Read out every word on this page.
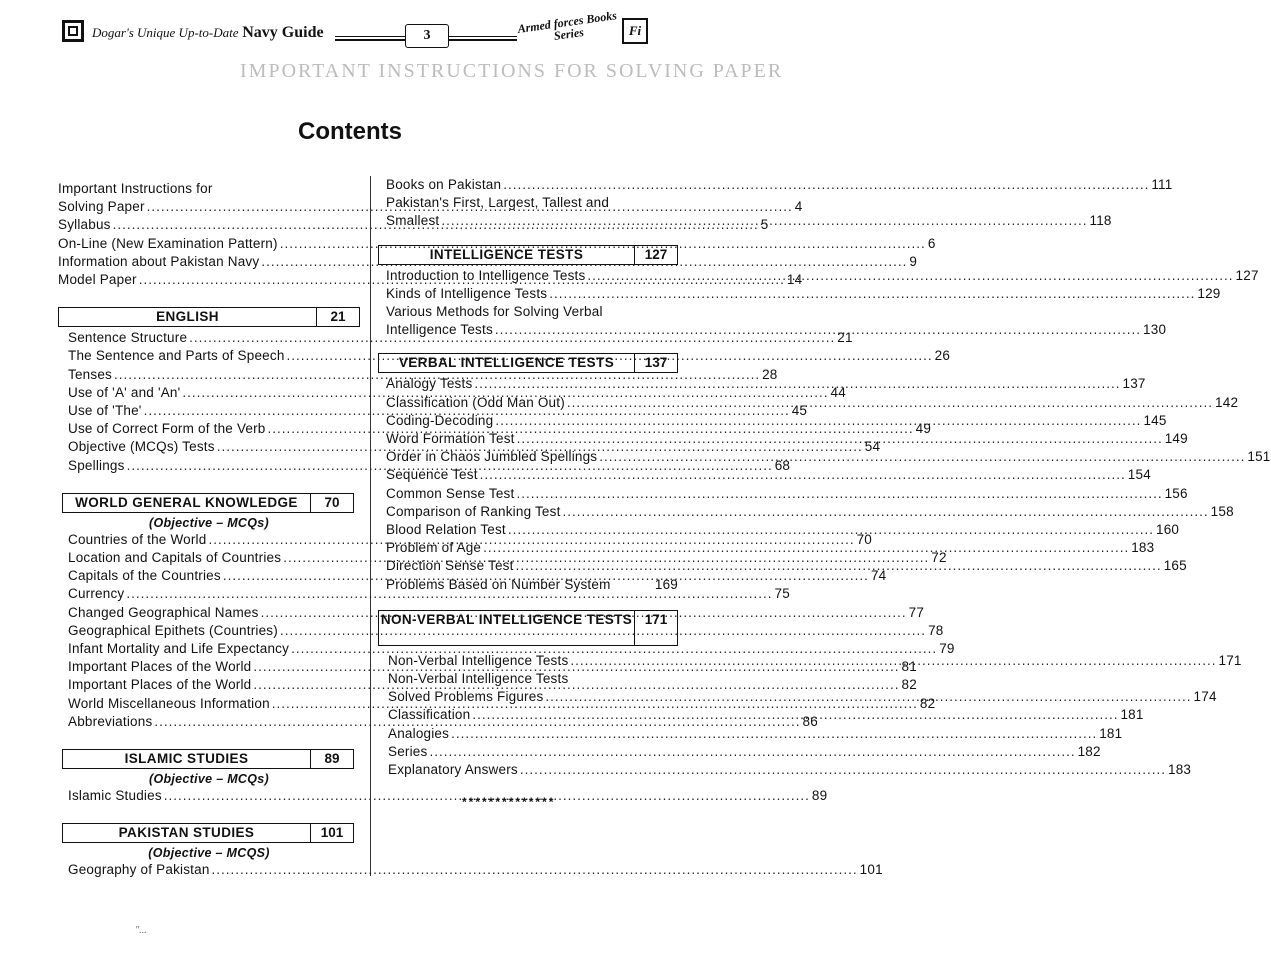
Dogar's Unique Up-to-Date Navy Guide	3	Armed forces Books Series	Fi
IMPORTANT INSTRUCTIONS FOR SOLVING PAPER
Contents
Important Instructions for
Solving Paper .....	4
Syllabus .....	5
On-Line (New Examination Pattern) .....	6
Information about Pakistan Navy .....	9
Model Paper .....	14
ENGLISH	21
Sentence Structure .....	21
The Sentence and Parts of Speech .....	26
Tenses .....	28
Use of 'A' and 'An' .....	44
Use of 'The' .....	45
Use of Correct Form of the Verb .....	49
Objective (MCQs) Tests .....	54
Spellings .....	68
WORLD GENERAL KNOWLEDGE	70
(Objective – MCQs)
Countries of the World .....	70
Location and Capitals of Countries .....	72
Capitals of the Countries .....	74
Currency .....	75
Changed Geographical Names .....	77
Geographical Epithets (Countries) .....	78
Infant Mortality and Life Expectancy .....	79
Important Places of the World .....	81
Important Places of the World .....	82
World Miscellaneous Information .....	82
Abbreviations .....	86
ISLAMIC STUDIES	89
(Objective – MCQs)
Islamic Studies .....	89
PAKISTAN STUDIES	101
(Objective – MCQS)
Geography of Pakistan .....	101
Books on Pakistan .....	111
Pakistan's First, Largest, Tallest and
Smallest .....	118
INTELLIGENCE TESTS	127
Introduction to Intelligence Tests .....	127
Kinds of Intelligence Tests .....	129
Various Methods for Solving Verbal
Intelligence Tests .....	130
VERBAL INTELLIGENCE TESTS	137
Analogy Tests .....	137
Classification (Odd Man Out) .....	142
Coding-Decoding .....	145
Word Formation Test .....	149
Order in Chaos Jumbled Spellings .....	151
Sequence Test .....	154
Common Sense Test .....	156
Comparison of Ranking Test .....	158
Blood Relation Test .....	160
Problem of Age .....	183
Direction Sense Test .....	165
Problems Based on Number System	169
NON-VERBAL INTELLIGENCE TESTS 171
Non-Verbal Intelligence Tests .....	171
Non-Verbal Intelligence Tests
Solved Problems Figures .....	174
Classification .....	181
Analogies .....	181
Series .....	182
Explanatory Answers .....	183
**************
"...
